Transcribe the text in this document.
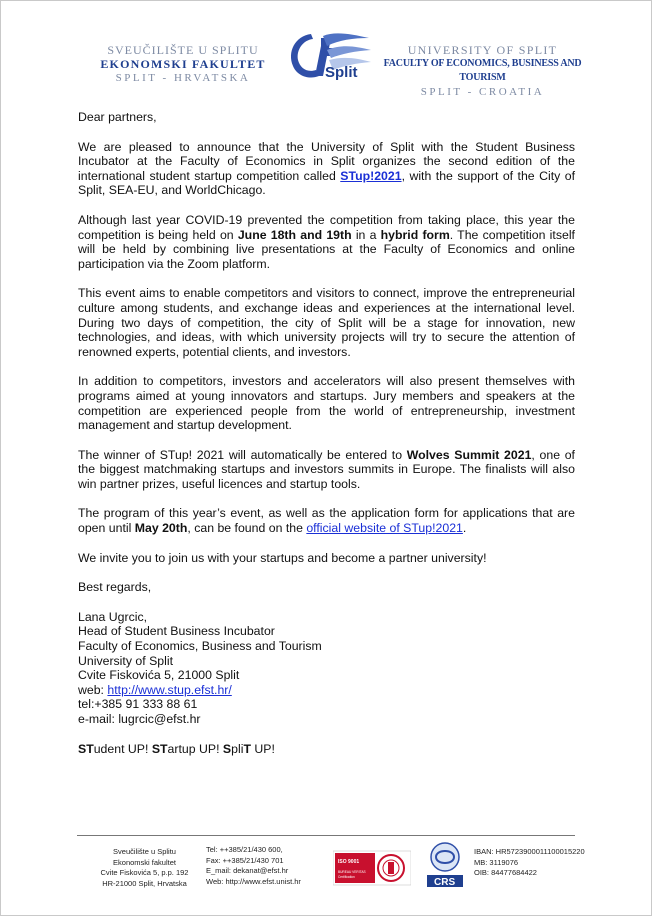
SVEUČILIŠTE U SPLITU
EKONOMSKI FAKULTET
SPLIT - HRVATSKA	Split
UNIVERSITY OF SPLIT
FACULTY OF ECONOMICS, BUSINESS AND TOURISM
SPLIT - CROATIA

Dear partners,

We are pleased to announce that the University of Split with the Student Business Incubator at the Faculty of Economics in Split organizes the second edition of the international student startup competition called STup!2021, with the support of the City of Split, SEA-EU, and WorldChicago.

Although last year COVID-19 prevented the competition from taking place, this year the competition is being held on June 18th and 19th in a hybrid form. The competition itself will be held by combining live presentations at the Faculty of Economics and online participation via the Zoom platform.

This event aims to enable competitors and visitors to connect, improve the entrepreneurial culture among students, and exchange ideas and experiences at the international level. During two days of competition, the city of Split will be a stage for innovation, new technologies, and ideas, with which university projects will try to secure the attention of renowned experts, potential clients, and investors.

In addition to competitors, investors and accelerators will also present themselves with programs aimed at young innovators and startups. Jury members and speakers at the competition are experienced people from the world of entrepreneurship, investment management and startup development.

The winner of STup! 2021 will automatically be entered to Wolves Summit 2021, one of the biggest matchmaking startups and investors summits in Europe. The finalists will also win partner prizes, useful licences and startup tools.

The program of this year’s event, as well as the application form for applications that are open until May 20th, can be found on the official website of STup!2021.

We invite you to join us with your startups and become a partner university!

Best regards,

Lana Ugrcic,
Head of Student Business Incubator
Faculty of Economics, Business and Tourism
University of Split
Cvite Fiskovića 5, 21000 Split
web: http://www.stup.efst.hr/
tel:+385 91 333 88 61
e-mail: lugrcic@efst.hr
STudent UP! STartup UP! SpliT UP!
Sveučilište u Splitu
Ekonomski fakultet
Cvite Fiskovića 5, p.p. 192
HR-21000 Split, Hrvatska
Tel: ++385/21/430 600,
Fax: ++385/21/430 701
E_mail: dekanat@efst.hr
Web: http://www.efst.unist.hr
ISO 9001
BUREAU VERITAS
Certification	CRS
IBAN: HR5723900011100015220
MB: 3119076
OIB: 84477684422
